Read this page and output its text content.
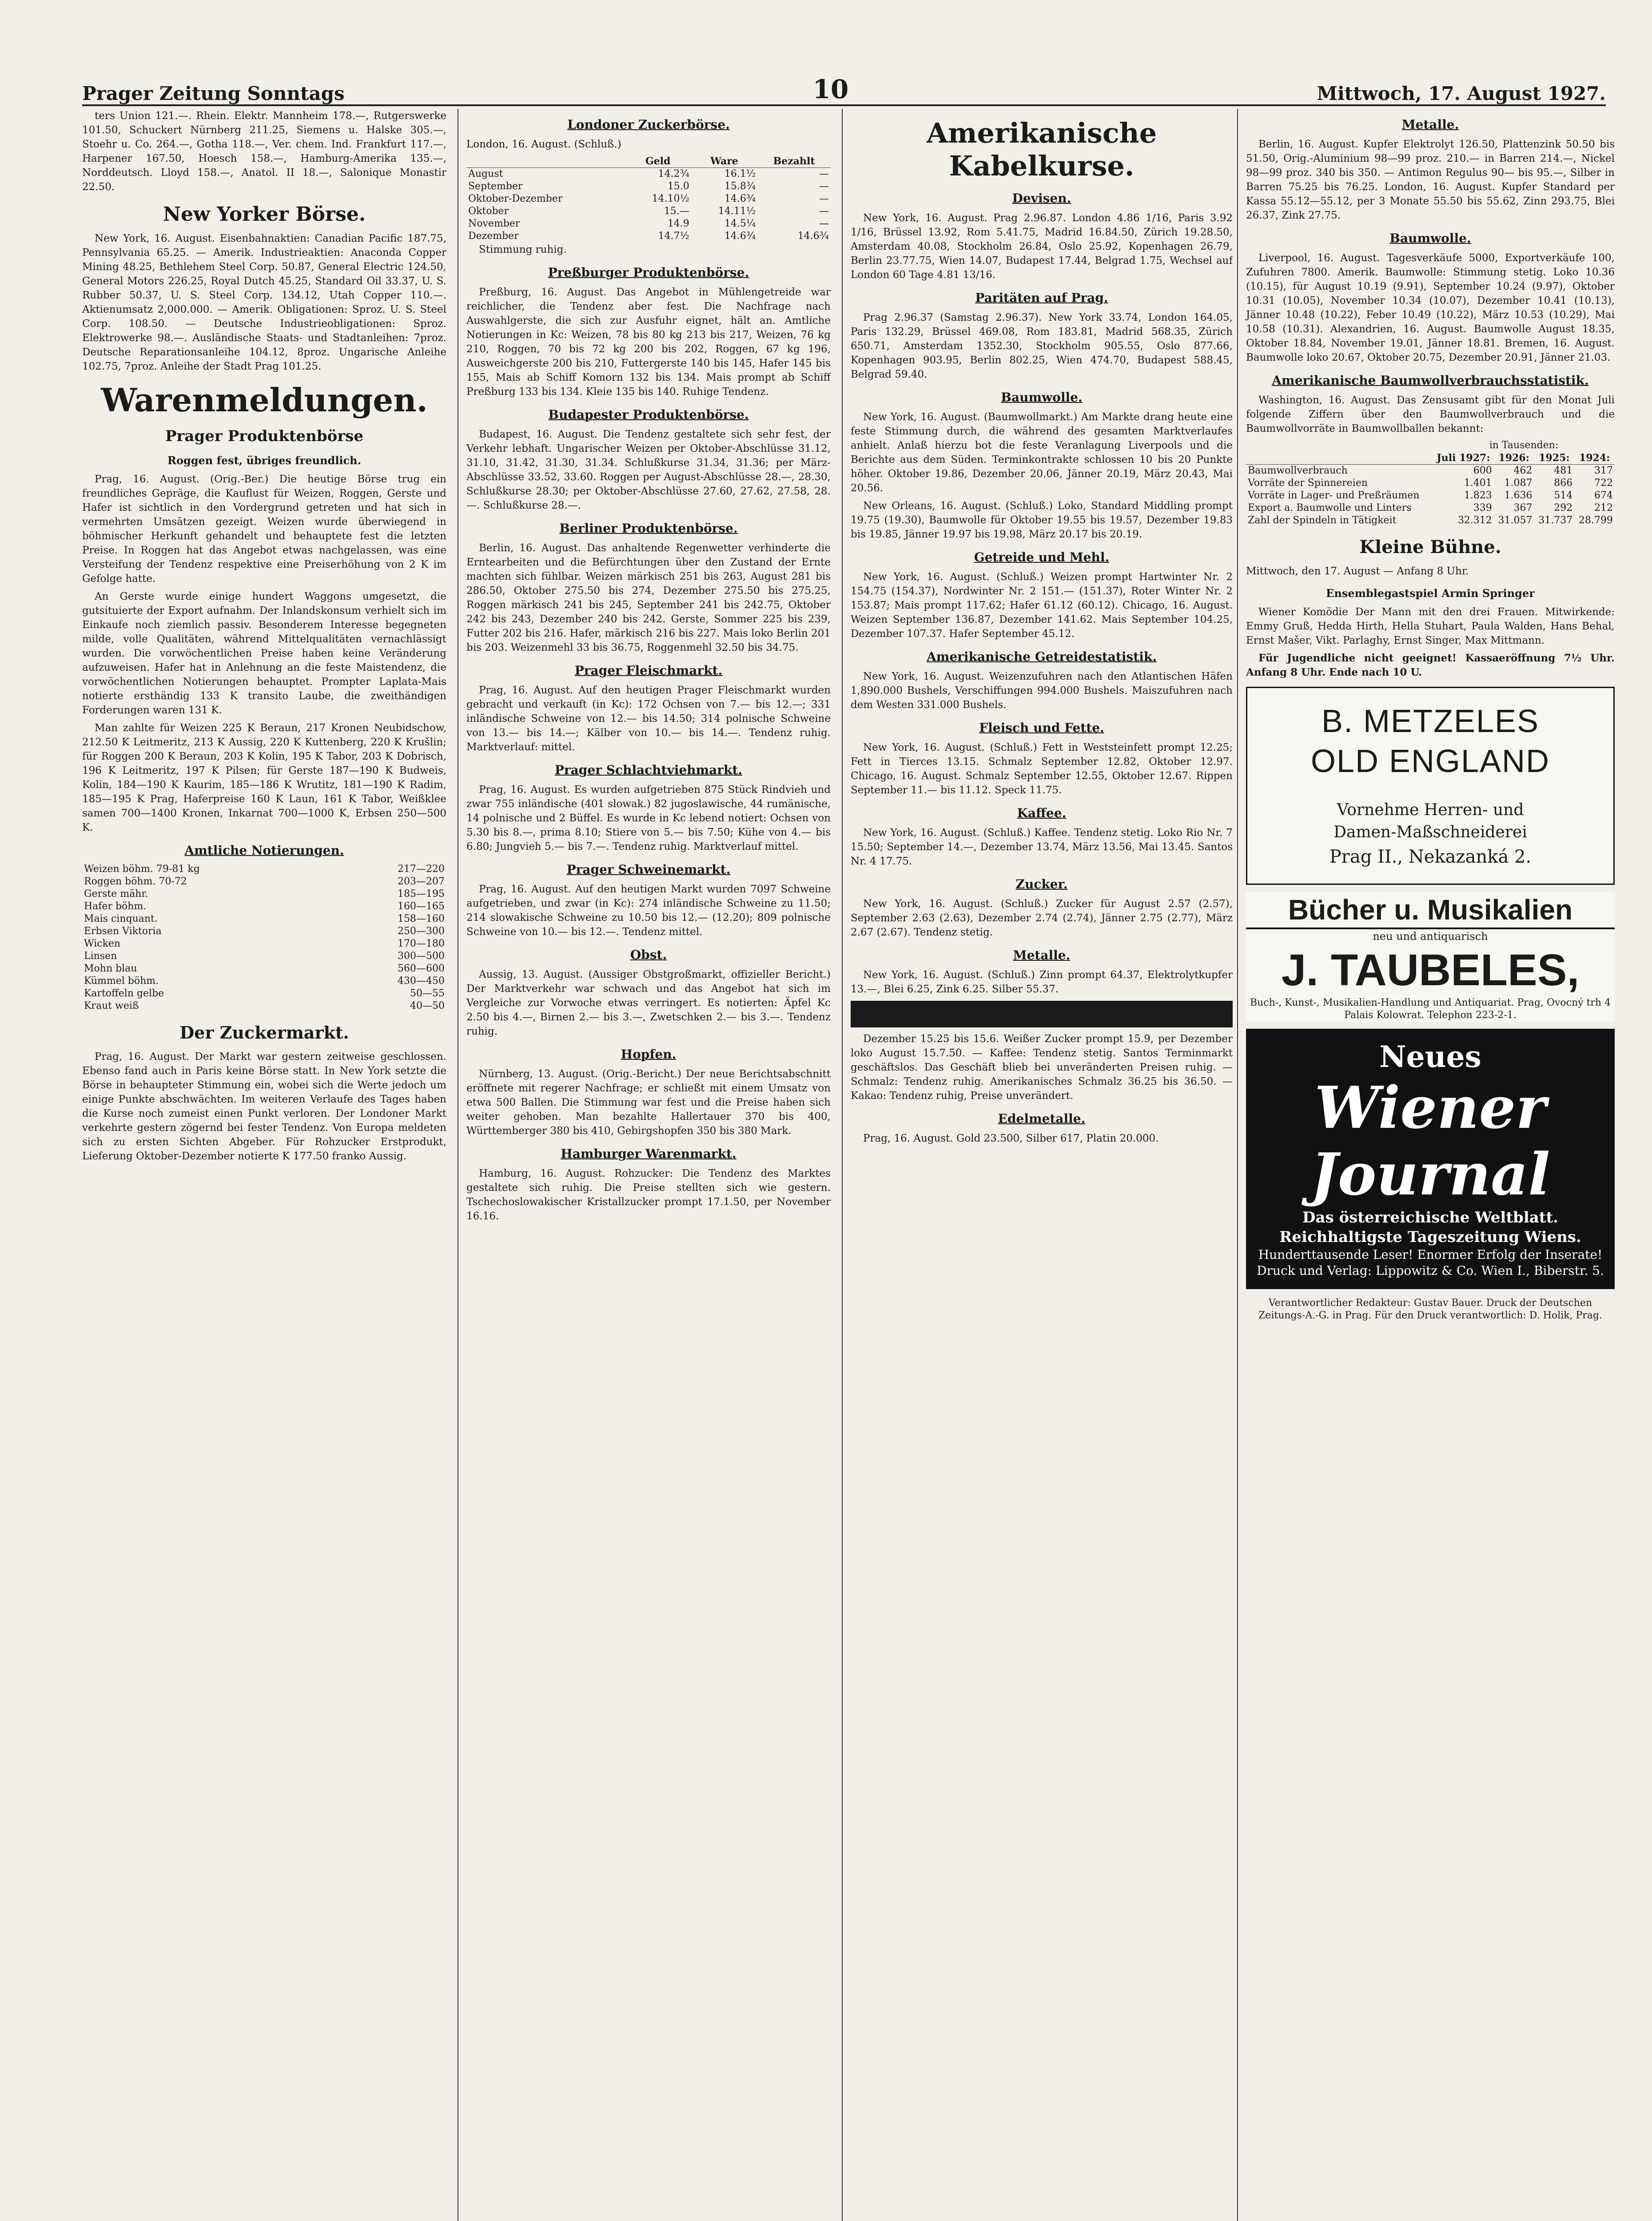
Prager Zeitung Sonntags	10	Mittwoch, 17. August 1927.

ters Union 121.—. Rhein. Elektr. Mannheim 178.—, Rutgerswerke 101.50, Schuckert Nürnberg 211.25, Siemens u. Halske 305.—, Stoehr u. Co. 264.—, Gotha 118.—, Ver. chem. Ind. Frankfurt 117.—, Harpener 167.50, Hoesch 158.—, Hamburg-Amerika 135.—, Norddeutsch. Lloyd 158.—, Anatol. II 18.—, Salonique Monastir 22.50.

New Yorker Börse.

New York, 16. August. Eisenbahnaktien: Canadian Pacific 187.75, Pennsylvania 65.25. — Amerik. Industrieaktien: Anaconda Copper Mining 48.25, Bethlehem Steel Corp. 50.87, General Electric 124.50, General Motors 226.25, Royal Dutch 45.25, Standard Oil 33.37, U. S. Rubber 50.37, U. S. Steel Corp. 134.12, Utah Copper 110.—. Aktienumsatz 2,000.000. — Amerik. Obligationen: Sproz. U. S. Steel Corp. 108.50. — Deutsche Industrieobligationen: Sproz. Elektrowerke 98.—. Ausländische Staats- und Stadtanleihen: 7proz. Deutsche Reparationsanleihe 104.12, 8proz. Ungarische Anleihe 102.75, 7proz. Anleihe der Stadt Prag 101.25.

Warenmeldungen.
Prager Produktenbörse
Roggen fest, übriges freundlich.

Prag, 16. August. (Orig.-Ber.) Die heutige Börse trug ein freundliches Gepräge, die Kauflust für Weizen, Roggen, Gerste und Hafer ist sichtlich in den Vordergrund getreten und hat sich in vermehrten Umsätzen gezeigt. Weizen wurde überwiegend in böhmischer Herkunft gehandelt und behauptete fest die letzten Preise. In Roggen hat das Angebot etwas nachgelassen, was eine Versteifung der Tendenz respektive eine Preiserhöhung von 2 K im Gefolge hatte.

An Gerste wurde einige hundert Waggons umgesetzt, die gutsituierte der Export aufnahm. Der Inlandskonsum verhielt sich im Einkaufe noch ziemlich passiv. Besonderem Interesse begegneten milde, volle Qualitäten, während Mittelqualitäten vernachlässigt wurden. Die vorwöchentlichen Preise haben keine Veränderung aufzuweisen. Hafer hat in Anlehnung an die feste Maistendenz, die vorwöchentlichen Notierungen behauptet. Prompter Laplata-Mais notierte ersthändig 133 K transito Laube, die zweithändigen Forderungen waren 131 K.

Man zahlte für Weizen 225 K Beraun, 217 Kronen Neubidschow, 212.50 K Leitmeritz, 213 K Aussig, 220 K Kuttenberg, 220 K Krušlin; für Roggen 200 K Beraun, 203 K Kolin, 195 K Tabor, 203 K Dobrisch, 196 K Leitmeritz, 197 K Pilsen; für Gerste 187—190 K Budweis, Kolin, 184—190 K Kaurim, 185—186 K Wrutitz, 181—190 K Radim, 185—195 K Prag, Haferpreise 160 K Laun, 161 K Tabor, Weißklee samen 700—1400 Kronen, Inkarnat 700—1000 K, Erbsen 250—500 K.

Amtliche Notierungen.
Weizen böhm. 79-81 kg	217—220
Roggen böhm. 70-72	203—207
Gerste mähr.	185—195
Hafer böhm.	160—165
Mais cinquant.	158—160
Erbsen Viktoria	250—300
Wicken	170—180
Linsen	300—500
Mohn blau	560—600
Kümmel böhm.	430—450
Kartoffeln gelbe	50—55
Kraut weiß	40—50
Der Zuckermarkt.

Prag, 16. August. Der Markt war gestern zeitweise geschlossen. Ebenso fand auch in Paris keine Börse statt. In New York setzte die Börse in behaupteter Stimmung ein, wobei sich die Werte jedoch um einige Punkte abschwächten. Im weiteren Verlaufe des Tages haben die Kurse noch zumeist einen Punkt verloren. Der Londoner Markt verkehrte gestern zögernd bei fester Tendenz. Von Europa meldeten sich zu ersten Sichten Abgeber. Für Rohzucker Erstprodukt, Lieferung Oktober-Dezember notierte K 177.50 franko Aussig.

Londoner Zuckerbörse.

London, 16. August. (Schluß.)

	Geld	Ware	Bezahlt
August	14.2¾	16.1½	—
September	15.0	15.8¾	—
Oktober-Dezember	14.10½	14.6¾	—
Oktober	15.—	14.11½	—
November	14.9	14.5¼	—
Dezember	14.7½	14.6¾	14.6¾

Stimmung ruhig.

Preßburger Produktenbörse.

Preßburg, 16. August. Das Angebot in Mühlengetreide war reichlicher, die Tendenz aber fest. Die Nachfrage nach Auswahlgerste, die sich zur Ausfuhr eignet, hält an. Amtliche Notierungen in Kc: Weizen, 78 bis 80 kg 213 bis 217, Weizen, 76 kg 210, Roggen, 70 bis 72 kg 200 bis 202, Roggen, 67 kg 196, Ausweichgerste 200 bis 210, Futtergerste 140 bis 145, Hafer 145 bis 155, Mais ab Schiff Komorn 132 bis 134. Mais prompt ab Schiff Preßburg 133 bis 134. Kleie 135 bis 140. Ruhige Tendenz.

Budapester Produktenbörse.

Budapest, 16. August. Die Tendenz gestaltete sich sehr fest, der Verkehr lebhaft. Ungarischer Weizen per Oktober-Abschlüsse 31.12, 31.10, 31.42, 31.30, 31.34. Schlußkurse 31.34, 31.36; per März-Abschlüsse 33.52, 33.60. Roggen per August-Abschlüsse 28.—, 28.30, Schlußkurse 28.30; per Oktober-Abschlüsse 27.60, 27.62, 27.58, 28.—. Schlußkurse 28.—.

Berliner Produktenbörse.

Berlin, 16. August. Das anhaltende Regenwetter verhinderte die Erntearbeiten und die Befürchtungen über den Zustand der Ernte machten sich fühlbar. Weizen märkisch 251 bis 263, August 281 bis 286.50, Oktober 275.50 bis 274, Dezember 275.50 bis 275.25, Roggen märkisch 241 bis 245, September 241 bis 242.75, Oktober 242 bis 243, Dezember 240 bis 242. Gerste, Sommer 225 bis 239, Futter 202 bis 216. Hafer, märkisch 216 bis 227. Mais loko Berlin 201 bis 203. Weizenmehl 33 bis 36.75, Roggenmehl 32.50 bis 34.75.

Prager Fleischmarkt.

Prag, 16. August. Auf den heutigen Prager Fleischmarkt wurden gebracht und verkauft (in Kc): 172 Ochsen von 7.— bis 12.—; 331 inländische Schweine von 12.— bis 14.50; 314 polnische Schweine von 13.— bis 14.—; Kälber von 10.— bis 14.—. Tendenz ruhig. Marktverlauf: mittel.

Prager Schlachtviehmarkt.

Prag, 16. August. Es wurden aufgetrieben 875 Stück Rindvieh und zwar 755 inländische (401 slowak.) 82 jugoslawische, 44 rumänische, 14 polnische und 2 Büffel. Es wurde in Kc lebend notiert: Ochsen von 5.30 bis 8.—, prima 8.10; Stiere von 5.— bis 7.50; Kühe von 4.— bis 6.80; Jungvieh 5.— bis 7.—. Tendenz ruhig. Marktverlauf mittel.

Prager Schweinemarkt.

Prag, 16. August. Auf den heutigen Markt wurden 7097 Schweine aufgetrieben, und zwar (in Kc): 274 inländische Schweine zu 11.50; 214 slowakische Schweine zu 10.50 bis 12.— (12.20); 809 polnische Schweine von 10.— bis 12.—. Tendenz mittel.

Obst.

Aussig, 13. August. (Aussiger Obstgroßmarkt, offizieller Bericht.) Der Marktverkehr war schwach und das Angebot hat sich im Vergleiche zur Vorwoche etwas verringert. Es notierten: Äpfel Kc 2.50 bis 4.—, Birnen 2.— bis 3.—, Zwetschken 2.— bis 3.—. Tendenz ruhig.

Hopfen.

Nürnberg, 13. August. (Orig.-Bericht.) Der neue Berichtsabschnitt eröffnete mit regerer Nachfrage; er schließt mit einem Umsatz von etwa 500 Ballen. Die Stimmung war fest und die Preise haben sich weiter gehoben. Man bezahlte Hallertauer 370 bis 400, Württemberger 380 bis 410, Gebirgshopfen 350 bis 380 Mark.

Hamburger Warenmarkt.

Hamburg, 16. August. Rohzucker: Die Tendenz des Marktes gestaltete sich ruhig. Die Preise stellten sich wie gestern. Tschechoslowakischer Kristallzucker prompt 17.1.50, per November 16.16.

Amerikanische Kabelkurse.
Devisen.

New York, 16. August. Prag 2.96.87. London 4.86 1/16, Paris 3.92 1/16, Brüssel 13.92, Rom 5.41.75, Madrid 16.84.50, Zürich 19.28.50, Amsterdam 40.08, Stockholm 26.84, Oslo 25.92, Kopenhagen 26.79, Berlin 23.77.75, Wien 14.07, Budapest 17.44, Belgrad 1.75, Wechsel auf London 60 Tage 4.81 13/16.

Paritäten auf Prag.

Prag 2.96.37 (Samstag 2.96.37). New York 33.74, London 164.05, Paris 132.29, Brüssel 469.08, Rom 183.81, Madrid 568.35, Zürich 650.71, Amsterdam 1352.30, Stockholm 905.55, Oslo 877.66, Kopenhagen 903.95, Berlin 802.25, Wien 474.70, Budapest 588.45, Belgrad 59.40.

Baumwolle.

New York, 16. August. (Baumwollmarkt.) Am Markte drang heute eine feste Stimmung durch, die während des gesamten Marktverlaufes anhielt. Anlaß hierzu bot die feste Veranlagung Liverpools und die Berichte aus dem Süden. Terminkontrakte schlossen 10 bis 20 Punkte höher. Oktober 19.86, Dezember 20.06, Jänner 20.19, März 20.43, Mai 20.56.

New Orleans, 16. August. (Schluß.) Loko, Standard Middling prompt 19.75 (19.30), Baumwolle für Oktober 19.55 bis 19.57, Dezember 19.83 bis 19.85, Jänner 19.97 bis 19.98, März 20.17 bis 20.19.

Getreide und Mehl.

New York, 16. August. (Schluß.) Weizen prompt Hartwinter Nr. 2 154.75 (154.37), Nordwinter Nr. 2 151.— (151.37), Roter Winter Nr. 2 153.87; Mais prompt 117.62; Hafer 61.12 (60.12). Chicago, 16. August. Weizen September 136.87, Dezember 141.62. Mais September 104.25, Dezember 107.37. Hafer September 45.12.

Amerikanische Getreidestatistik.

New York, 16. August. Weizenzufuhren nach den Atlantischen Häfen 1,890.000 Bushels, Verschiffungen 994.000 Bushels. Maiszufuhren nach dem Westen 331.000 Bushels.

Fleisch und Fette.

New York, 16. August. (Schluß.) Fett in Weststeinfett prompt 12.25; Fett in Tierces 13.15. Schmalz September 12.82, Oktober 12.97. Chicago, 16. August. Schmalz September 12.55, Oktober 12.67. Rippen September 11.— bis 11.12. Speck 11.75.

Kaffee.

New York, 16. August. (Schluß.) Kaffee. Tendenz stetig. Loko Rio Nr. 7 15.50; September 14.—, Dezember 13.74, März 13.56, Mai 13.45. Santos Nr. 4 17.75.

Zucker.

New York, 16. August. (Schluß.) Zucker für August 2.57 (2.57), September 2.63 (2.63), Dezember 2.74 (2.74), Jänner 2.75 (2.77), März 2.67 (2.67). Tendenz stetig.

Metalle.

New York, 16. August. (Schluß.) Zinn prompt 64.37, Elektrolytkupfer 13.—, Blei 6.25, Zink 6.25. Silber 55.37.

Dezember 15.25 bis 15.6. Weißer Zucker prompt 15.9, per Dezember loko August 15.7.50. — Kaffee: Tendenz stetig. Santos Terminmarkt geschäftslos. Das Geschäft blieb bei unveränderten Preisen ruhig. — Schmalz: Tendenz ruhig. Amerikanisches Schmalz 36.25 bis 36.50. — Kakao: Tendenz ruhig, Preise unverändert.

Edelmetalle.

Prag, 16. August. Gold 23.500, Silber 617, Platin 20.000.

Metalle.

Berlin, 16. August. Kupfer Elektrolyt 126.50, Plattenzink 50.50 bis 51.50, Orig.-Aluminium 98—99 proz. 210.— in Barren 214.—, Nickel 98—99 proz. 340 bis 350. — Antimon Regulus 90— bis 95.—, Silber in Barren 75.25 bis 76.25. London, 16. August. Kupfer Standard per Kassa 55.12—55.12, per 3 Monate 55.50 bis 55.62, Zinn 293.75, Blei 26.37, Zink 27.75.

Baumwolle.

Liverpool, 16. August. Tagesverkäufe 5000, Exportverkäufe 100, Zufuhren 7800. Amerik. Baumwolle: Stimmung stetig. Loko 10.36 (10.15), für August 10.19 (9.91), September 10.24 (9.97), Oktober 10.31 (10.05), November 10.34 (10.07), Dezember 10.41 (10.13), Jänner 10.48 (10.22), Feber 10.49 (10.22), März 10.53 (10.29), Mai 10.58 (10.31). Alexandrien, 16. August. Baumwolle August 18.35, Oktober 18.84, November 19.01, Jänner 18.81. Bremen, 16. August. Baumwolle loko 20.67, Oktober 20.75, Dezember 20.91, Jänner 21.03.

Amerikanische Baumwollverbrauchsstatistik.

Washington, 16. August. Das Zensusamt gibt für den Monat Juli folgende Ziffern über den Baumwollverbrauch und die Baumwollvorräte in Baumwollballen bekannt:

	in Tausenden:			
	Juli 1927:	1926:	1925:	1924:
Baumwollverbrauch	600	462	481	317
Vorräte der Spinnereien	1.401	1.087	866	722
Vorräte in Lager- und Preßräumen	1.823	1.636	514	674
Export a. Baumwolle und Linters	339	367	292	212
Zahl der Spindeln in Tätigkeit	32.312	31.057	31.737	28.799
Kleine Bühne.

Mittwoch, den 17. August — Anfang 8 Uhr.

Ensemblegastspiel Armin Springer

Wiener Komödie Der Mann mit den drei Frauen. Mitwirkende: Emmy Gruß, Hedda Hirth, Hella Stuhart, Paula Walden, Hans Behal, Ernst Mašer, Vikt. Parlaghy, Ernst Singer, Max Mittmann.

Für Jugendliche nicht geeignet! Kassaeröffnung 7½ Uhr. Anfang 8 Uhr. Ende nach 10 U.

B. METZELES
OLD ENGLAND
Vornehme Herren- und
Damen-Maßschneiderei
Prag II., Nekazanká 2.
Bücher u. Musikalien
neu und antiquarisch
J. TAUBELES,
Buch-, Kunst-, Musikalien-Handlung und Antiquariat. Prag, Ovocný trh 4 Palais Kolowrat. Telephon 223-2-1.
Neues
Wiener Journal
Das österreichische Weltblatt. Reichhaltigste Tageszeitung Wiens.
Hunderttausende Leser! Enormer Erfolg der Inserate! Druck und Verlag: Lippowitz & Co. Wien I., Biberstr. 5.
Verantwortlicher Redakteur: Gustav Bauer. Druck der Deutschen Zeitungs-A.-G. in Prag. Für den Druck verantwortlich: D. Holik, Prag.
